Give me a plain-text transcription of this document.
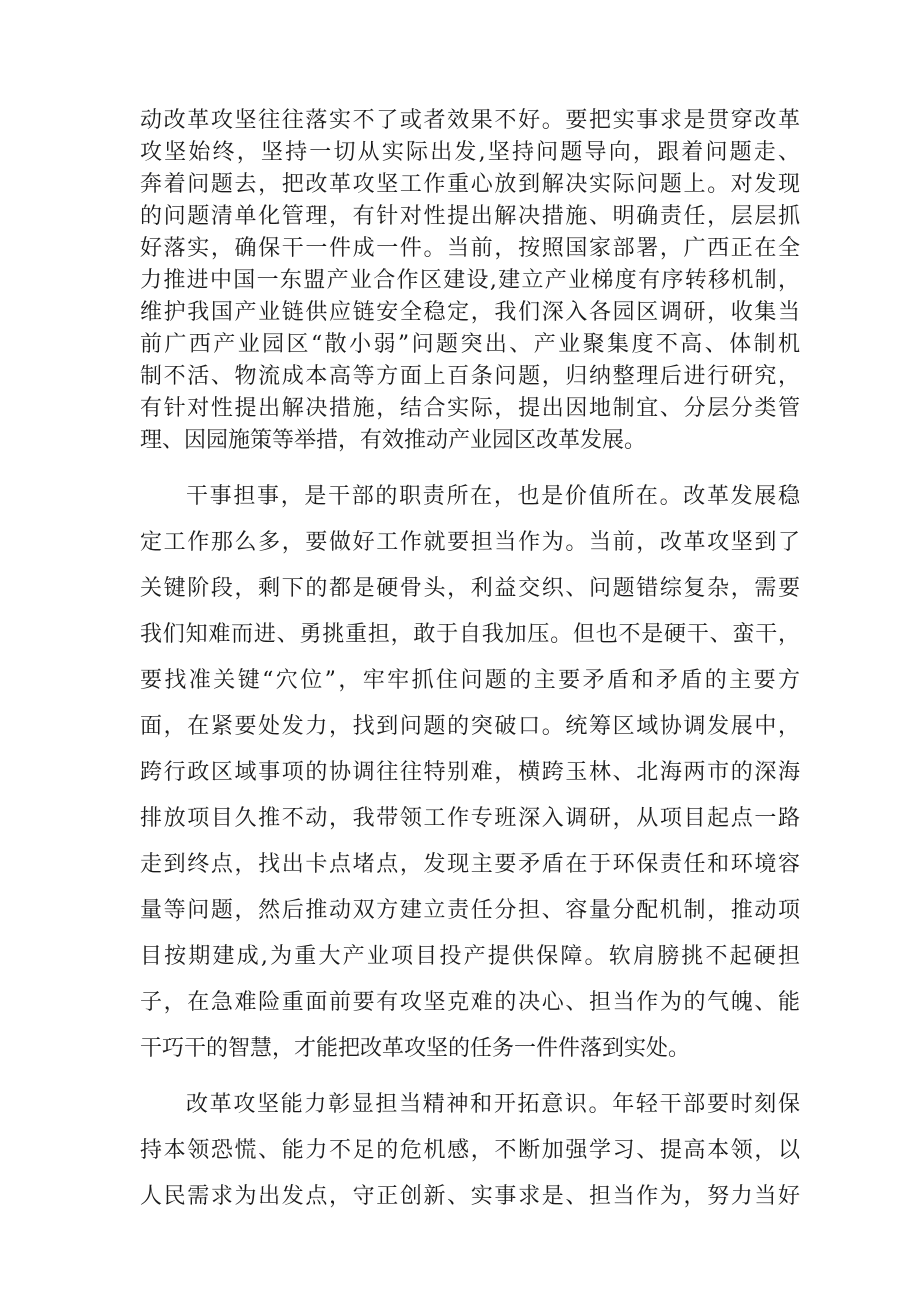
动改革攻坚往往落实不了或者效果不好。要把实事求是贯穿改革
攻坚始终，坚持一切从实际出发,坚持问题导向，跟着问题走、
奔着问题去，把改革攻坚工作重心放到解决实际问题上。对发现
的问题清单化管理，有针对性提出解决措施、明确责任，层层抓
好落实，确保干一件成一件。当前，按照国家部署，广西正在全
力推进中国一东盟产业合作区建设,建立产业梯度有序转移机制，
维护我国产业链供应链安全稳定，我们深入各园区调研，收集当
前广西产业园区“散小弱”问题突出、产业聚集度不高、体制机
制不活、物流成本高等方面上百条问题，归纳整理后进行研究，
有针对性提出解决措施，结合实际，提出因地制宜、分层分类管
理、因园施策等举措，有效推动产业园区改革发展。
干事担事，是干部的职责所在，也是价值所在。改革发展稳
定工作那么多，要做好工作就要担当作为。当前，改革攻坚到了
关键阶段，剩下的都是硬骨头，利益交织、问题错综复杂，需要
我们知难而进、勇挑重担，敢于自我加压。但也不是硬干、蛮干，
要找准关键“穴位”，牢牢抓住问题的主要矛盾和矛盾的主要方
面，在紧要处发力，找到问题的突破口。统筹区域协调发展中，
跨行政区域事项的协调往往特别难，横跨玉林、北海两市的深海
排放项目久推不动，我带领工作专班深入调研，从项目起点一路
走到终点，找出卡点堵点，发现主要矛盾在于环保责任和环境容
量等问题，然后推动双方建立责任分担、容量分配机制，推动项
目按期建成,为重大产业项目投产提供保障。软肩膀挑不起硬担
子，在急难险重面前要有攻坚克难的决心、担当作为的气魄、能
干巧干的智慧，才能把改革攻坚的任务一件件落到实处。
改革攻坚能力彰显担当精神和开拓意识。年轻干部要时刻保
持本领恐慌、能力不足的危机感，不断加强学习、提高本领，以
人民需求为出发点，守正创新、实事求是、担当作为，努力当好
